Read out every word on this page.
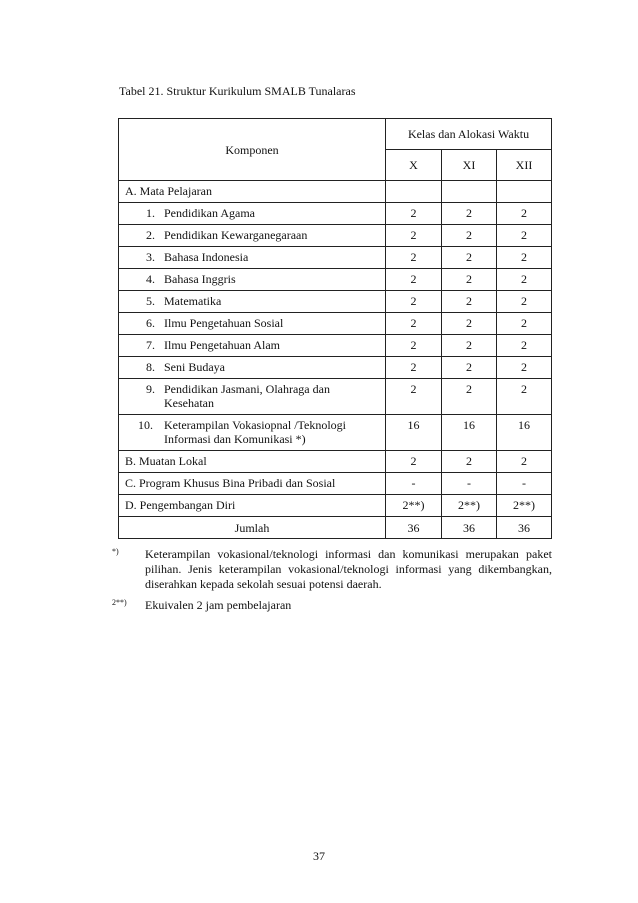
Tabel 21. Struktur Kurikulum SMALB Tunalaras
Komponen	Kelas dan Alokasi Waktu		
	X	XI	XII
A. Mata Pelajaran			

1. Pendidikan Agama	2	2	2

2. Pendidikan Kewarganegaraan	2	2	2

3. Bahasa Indonesia	2	2	2

4. Bahasa Inggris	2	2	2

5. Matematika	2	2	2

6. Ilmu Pengetahuan Sosial	2	2	2

7. Ilmu Pengetahuan Alam	2	2	2

8. Seni Budaya	2	2	2

9. Pendidikan Jasmani, Olahraga dan Kesehatan	2	2	2

10. Keterampilan Vokasiopnal /Teknologi Informasi dan Komunikasi *)	16	16	16
B. Muatan Lokal	2	2	2
C. Program Khusus Bina Pribadi dan Sosial	-	-	-
D. Pengembangan Diri	2**)	2**)	2**)
Jumlah	36	36	36
*)	Keterampilan vokasional/teknologi informasi dan komunikasi merupakan paket pilihan. Jenis keterampilan vokasional/teknologi informasi yang dikembangkan, diserahkan kepada sekolah sesuai potensi daerah.
2**)	Ekuivalen 2 jam pembelajaran
37
